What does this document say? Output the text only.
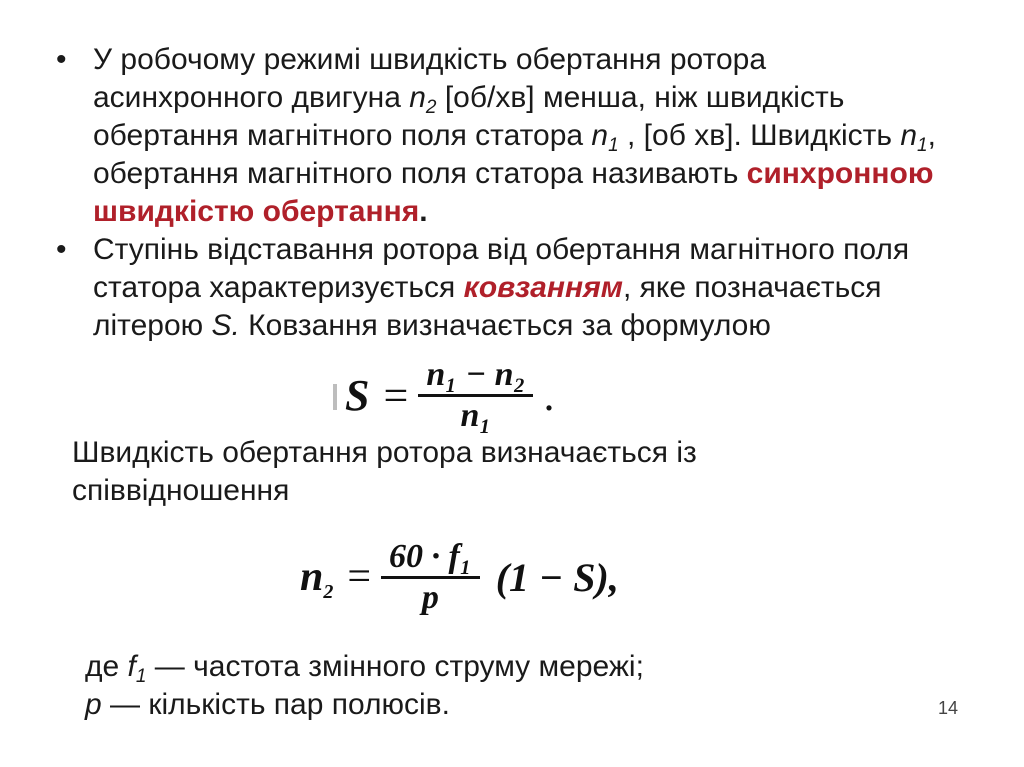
• У робочому режимі швидкість обертання ротора асинхронного двигуна $n_2$ [об/хв] менша, ніж швидкість обертання магнітного поля статора $n_1$ , [об хв]. Швидкість $n_1$, обертання магнітного поля статора називають синхронною швидкістю обертання.
• Ступінь відставання ротора від обертання магнітного поля статора характеризується ковзанням, яке позначається літерою S. Ковзання визначається за формулою
$S = \frac{\text{n₁ − n₂}}{\text{n₁}}$ .
Швидкість обертання ротора визначається із співвідношення
$n2 = \frac{\text{60 · f₁}}{p} (1 - S)$,
де $f_1$ — частота змінного струму мережі;
p — кількість пар полюсів.	14
